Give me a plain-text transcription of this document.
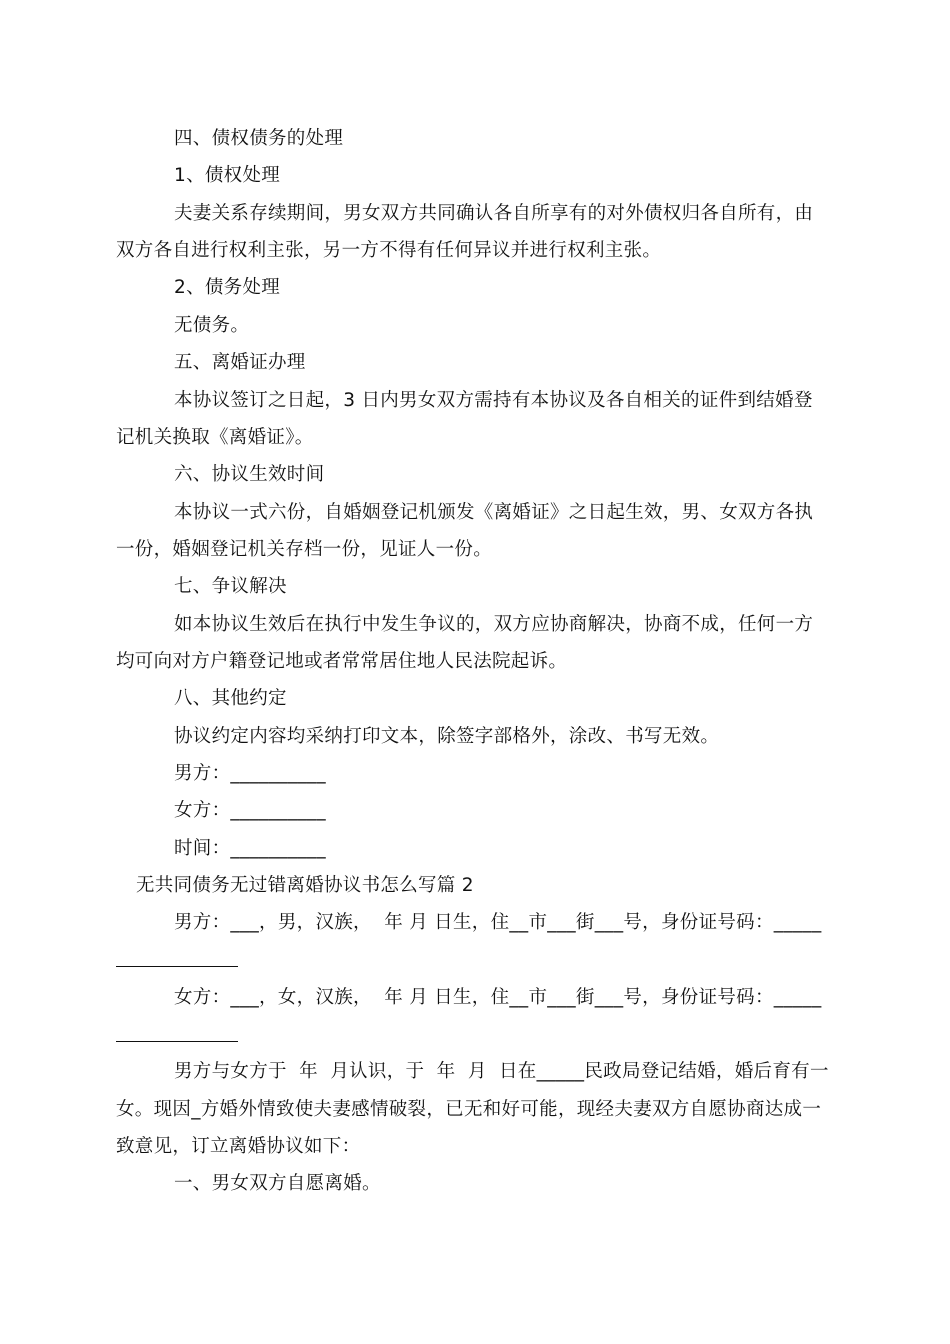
四、债权债务的处理
1、债权处理
夫妻关系存续期间，男女双方共同确认各自所享有的对外债权归各自所有，由
双方各自进行权利主张，另一方不得有任何异议并进行权利主张。
2、债务处理
无债务。
五、离婚证办理
本协议签订之日起，3 日内男女双方需持有本协议及各自相关的证件到结婚登
记机关换取《离婚证》。
六、协议生效时间
本协议一式六份，自婚姻登记机颁发《离婚证》之日起生效，男、女双方各执
一份，婚姻登记机关存档一份，见证人一份。
七、争议解决
如本协议生效后在执行中发生争议的，双方应协商解决，协商不成，任何一方
均可向对方户籍登记地或者常常居住地人民法院起诉。
八、其他约定
协议约定内容均采纳打印文本，除签字部格外，涂改、书写无效。
男方：__________
女方：__________
时间：__________
无共同债务无过错离婚协议书怎么写篇 2
男方：___，男，汉族，  年 月 日生，住__市___街___号，身份证号码：_____
女方：___，女，汉族，  年 月 日生，住__市___街___号，身份证号码：_____
男方与女方于  年  月认识，于  年  月  日在_____民政局登记结婚，婚后育有一
女。现因_方婚外情致使夫妻感情破裂，已无和好可能，现经夫妻双方自愿协商达成一
致意见，订立离婚协议如下：
一、男女双方自愿离婚。
